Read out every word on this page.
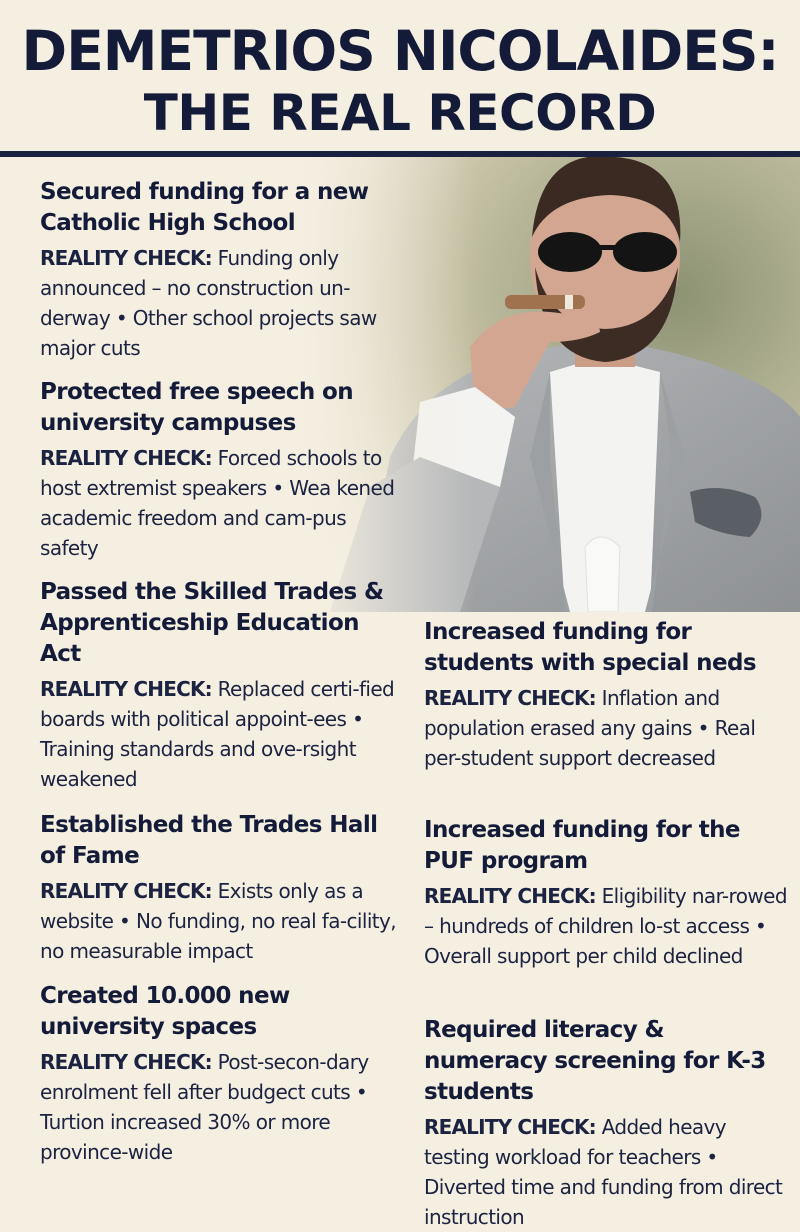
DEMETRIOS NICOLAIDES:
THE REAL RECORD
Secured funding for a new Catholic High School

REALITY CHECK: Funding only announced – no construction un-derway • Other school projects saw major cuts

Protected free speech on university campuses

REALITY CHECK: Forced schools to host extremist speakers • Wea kened academic freedom and cam-pus safety

Passed the Skilled Trades & Apprenticeship Education Act

REALITY CHECK: Replaced certi-fied boards with political appoint-ees • Training standards and ove-rsight weakened

Established the Trades Hall of Fame

REALITY CHECK: Exists only as a website • No funding, no real fa-cility, no measurable impact

Created 10.000 new university spaces

REALITY CHECK: Post-secon-dary enrolment fell after budgect cuts • Turtion increased 30% or more province-wide

Increased funding for students with special neds

REALITY CHECK: Inflation and population erased any gains • Real per-student support decreased

Increased funding for the PUF program

REALITY CHECK: Eligibility nar-rowed – hundreds of children lo-st access • Overall support per child declined

Required literacy & numeracy screening for K-3 students

REALITY CHECK: Added heavy testing workload for teachers • Diverted time and funding from direct instruction
